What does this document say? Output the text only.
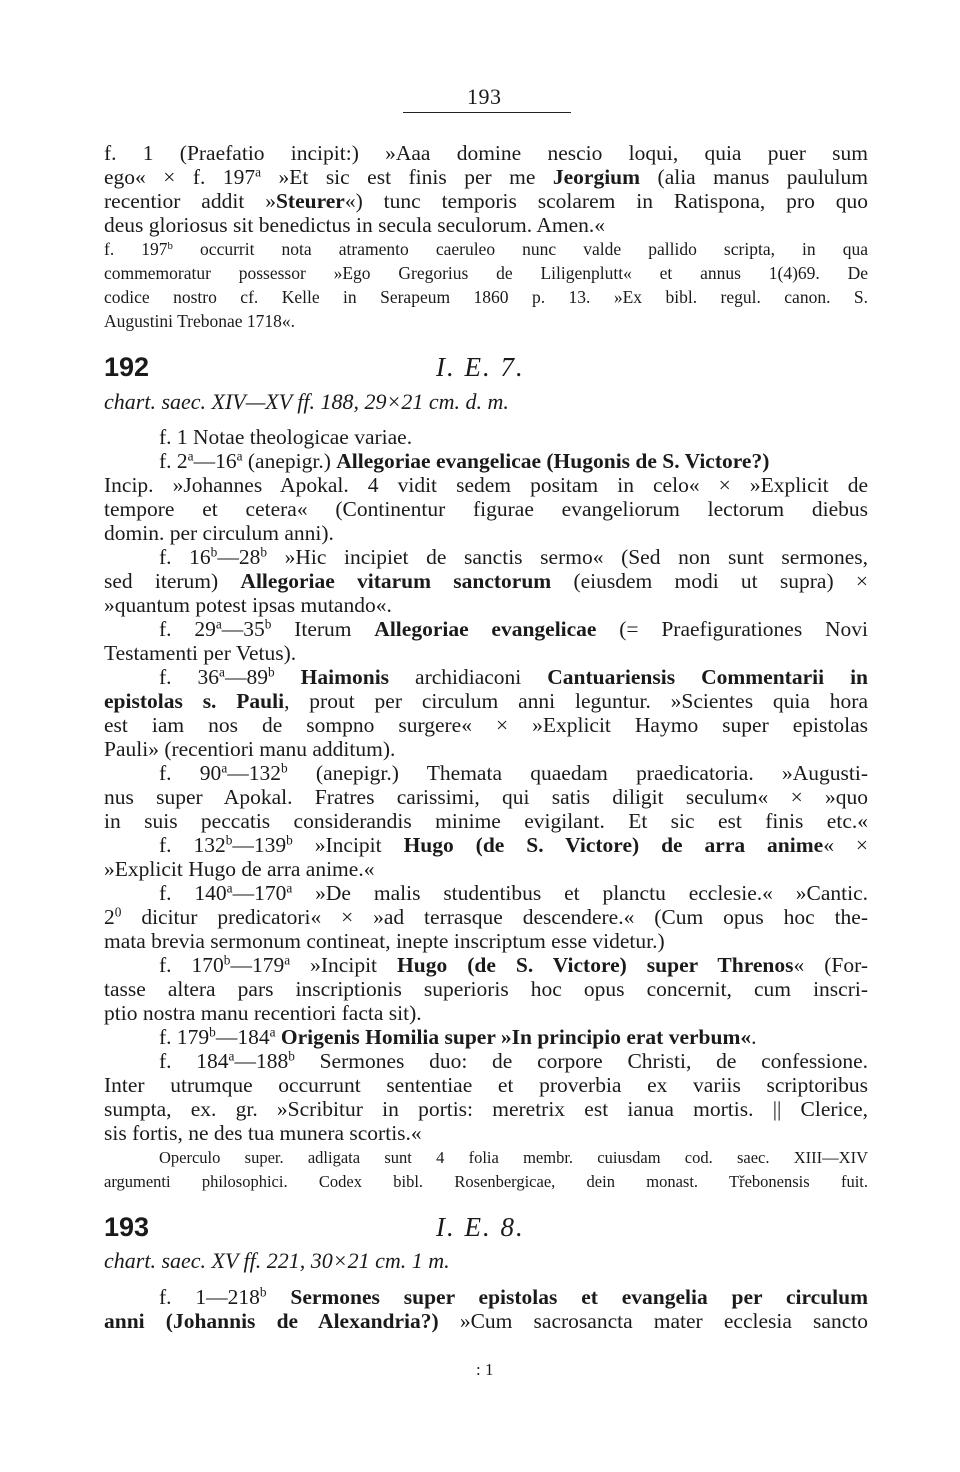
193
f. 1 (Praefatio incipit:) »Aaa domine nescio loqui, quia puer sum
ego« × f. 197$^a$ »Et sic est finis per me Jeorgium (alia manus paululum
recentior addit »Steurer«) tunc temporis scolarem in Ratispona, pro quo
deus gloriosus sit benedictus in secula seculorum. Amen.«
f. 197$^b$ occurrit nota atramento caeruleo nunc valde pallido scripta, in qua
commemoratur possessor »Ego Gregorius de Liligenplutt« et annus 1(4)69. De
codice nostro cf. Kelle in Serapeum 1860 p. 13. »Ex bibl. regul. canon. S.
Augustini Trebonae 1718«.
192	I. E. 7.
chart. saec. XIV—XV ff. 188, 29×21 cm. d. m.
f. 1 Notae theologicae variae.
f. 2$^a$—16$^a$ (anepigr.) Allegoriae evangelicae (Hugonis de S. Victore?)
Incip. »Johannes Apokal. 4 vidit sedem positam in celo« × »Explicit de
tempore et cetera« (Continentur figurae evangeliorum lectorum diebus
domin. per circulum anni).
f. 16$^b$—28$^b$ »Hic incipiet de sanctis sermo« (Sed non sunt sermones,
sed iterum) Allegoriae vitarum sanctorum (eiusdem modi ut supra) ×
»quantum potest ipsas mutando«.
f. 29$^a$—35$^b$ Iterum Allegoriae evangelicae (= Praefigurationes Novi
Testamenti per Vetus).
f. 36$^a$—89$^b$ Haimonis archidiaconi Cantuariensis Commentarii in
epistolas s. Pauli, prout per circulum anni leguntur. »Scientes quia hora
est iam nos de sompno surgere« × »Explicit Haymo super epistolas
Pauli» (recentiori manu additum).
f. 90$^a$—132$^b$ (anepigr.) Themata quaedam praedicatoria. »Augusti-
nus super Apokal. Fratres carissimi, qui satis diligit seculum« × »quo
in suis peccatis considerandis minime evigilant. Et sic est finis etc.«
f. 132$^b$—139$^b$ »Incipit Hugo (de S. Victore) de arra anime« ×
»Explicit Hugo de arra anime.«
f. 140$^a$—170$^a$ »De malis studentibus et planctu ecclesie.« »Cantic.
$2^0$ dicitur predicatori« × »ad terrasque descendere.« (Cum opus hoc the-
mata brevia sermonum contineat, inepte inscriptum esse videtur.)
f. 170$^b$—179$^a$ »Incipit Hugo (de S. Victore) super Threnos« (For-
tasse altera pars inscriptionis superioris hoc opus concernit, cum inscri-
ptio nostra manu recentiori facta sit).
f. 179$^b$—184$^a$ Origenis Homilia super »In principio erat verbum«.
f. 184$^a$—188$^b$ Sermones duo: de corpore Christi, de confessione.
Inter utrumque occurrunt sententiae et proverbia ex variis scriptoribus
sumpta, ex. gr. »Scribitur in portis: meretrix est ianua mortis. || Clerice,
sis fortis, ne des tua munera scortis.«
Operculo super. adligata sunt 4 folia membr. cuiusdam cod. saec. XIII—XIV
argumenti philosophici. Codex bibl. Rosenbergicae, dein monast. Třebonensis fuit.
193	I. E. 8.
chart. saec. XV ff. 221, 30×21 cm. 1 m.
f. 1—218$^b$ Sermones super epistolas et evangelia per circulum
anni (Johannis de Alexandria?) »Cum sacrosancta mater ecclesia sancto
: 1
